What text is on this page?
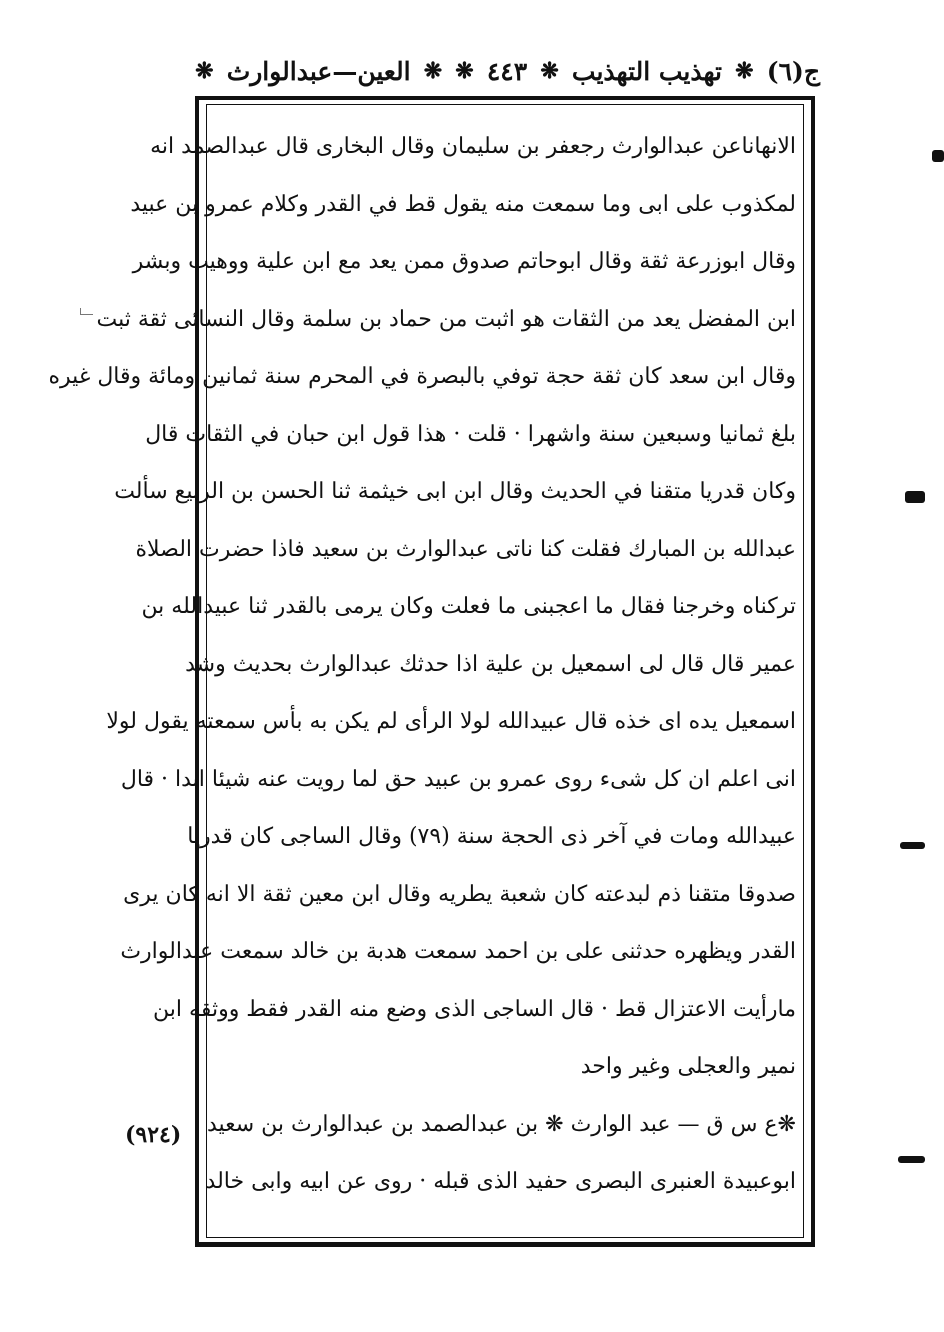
ج(٦)
❋
تهذيب التهذيب
❋
٤٤٣
❋
❋
العين—عبدالوارث
❋
الانهاناعن عبدالوارث رجعفر بن سليمان وقال البخارى قال عبدالصمد انه
لمكذوب على ابى وما سمعت منه يقول قط في القدر وكلام عمرو بن عبيد
وقال ابوزرعة ثقة وقال ابوحاتم صدوق ممن يعد مع ابن علية ووهيب وبشر
ابن المفضل يعد من الثقات هو اثبت من حماد بن سلمة وقال النسائى ثقة ثبت
وقال ابن سعد كان ثقة حجة توفي بالبصرة في المحرم سنة ثمانين ومائة وقال غيره
بلغ ثمانيا وسبعين سنة واشهرا · قلت · هذا قول ابن حبان في الثقات قال
وكان قدريا متقنا في الحديث وقال ابن ابى خيثمة ثنا الحسن بن الربيع سألت
عبدالله بن المبارك فقلت كنا ناتى عبدالوارث بن سعيد فاذا حضرت الصلاة
تركناه وخرجنا فقال ما اعجبنى ما فعلت وكان يرمى بالقدر ثنا عبيدالله بن
عمير قال قال لى اسمعيل بن علية اذا حدثك عبدالوارث بحديث وشد
اسمعيل يده اى خذه قال عبيدالله لولا الرأى لم يكن به بأس سمعته يقول لولا
انى اعلم ان كل شىء روى عمرو بن عبيد حق لما رويت عنه شيئا ابدا · قال
عبيدالله ومات في آخر ذى الحجة سنة (٧٩) وقال الساجى كان قدريا
صدوقا متقنا ذم لبدعته كان شعبة يطريه وقال ابن معين ثقة الا انه كان يرى
القدر ويظهره حدثنى على بن احمد سمعت هدبة بن خالد سمعت عبدالوارث
مارأيت الاعتزال قط · قال الساجى الذى وضع منه القدر فقط ووثقه ابن
نمير والعجلى وغير واحد
❋ع س ق — عبد الوارث ❋ بن عبدالصمد بن عبدالوارث بن سعيد
ابوعبيدة العنبرى البصرى حفيد الذى قبله · روى عن ابيه وابى خالد
(٩٢٤)
